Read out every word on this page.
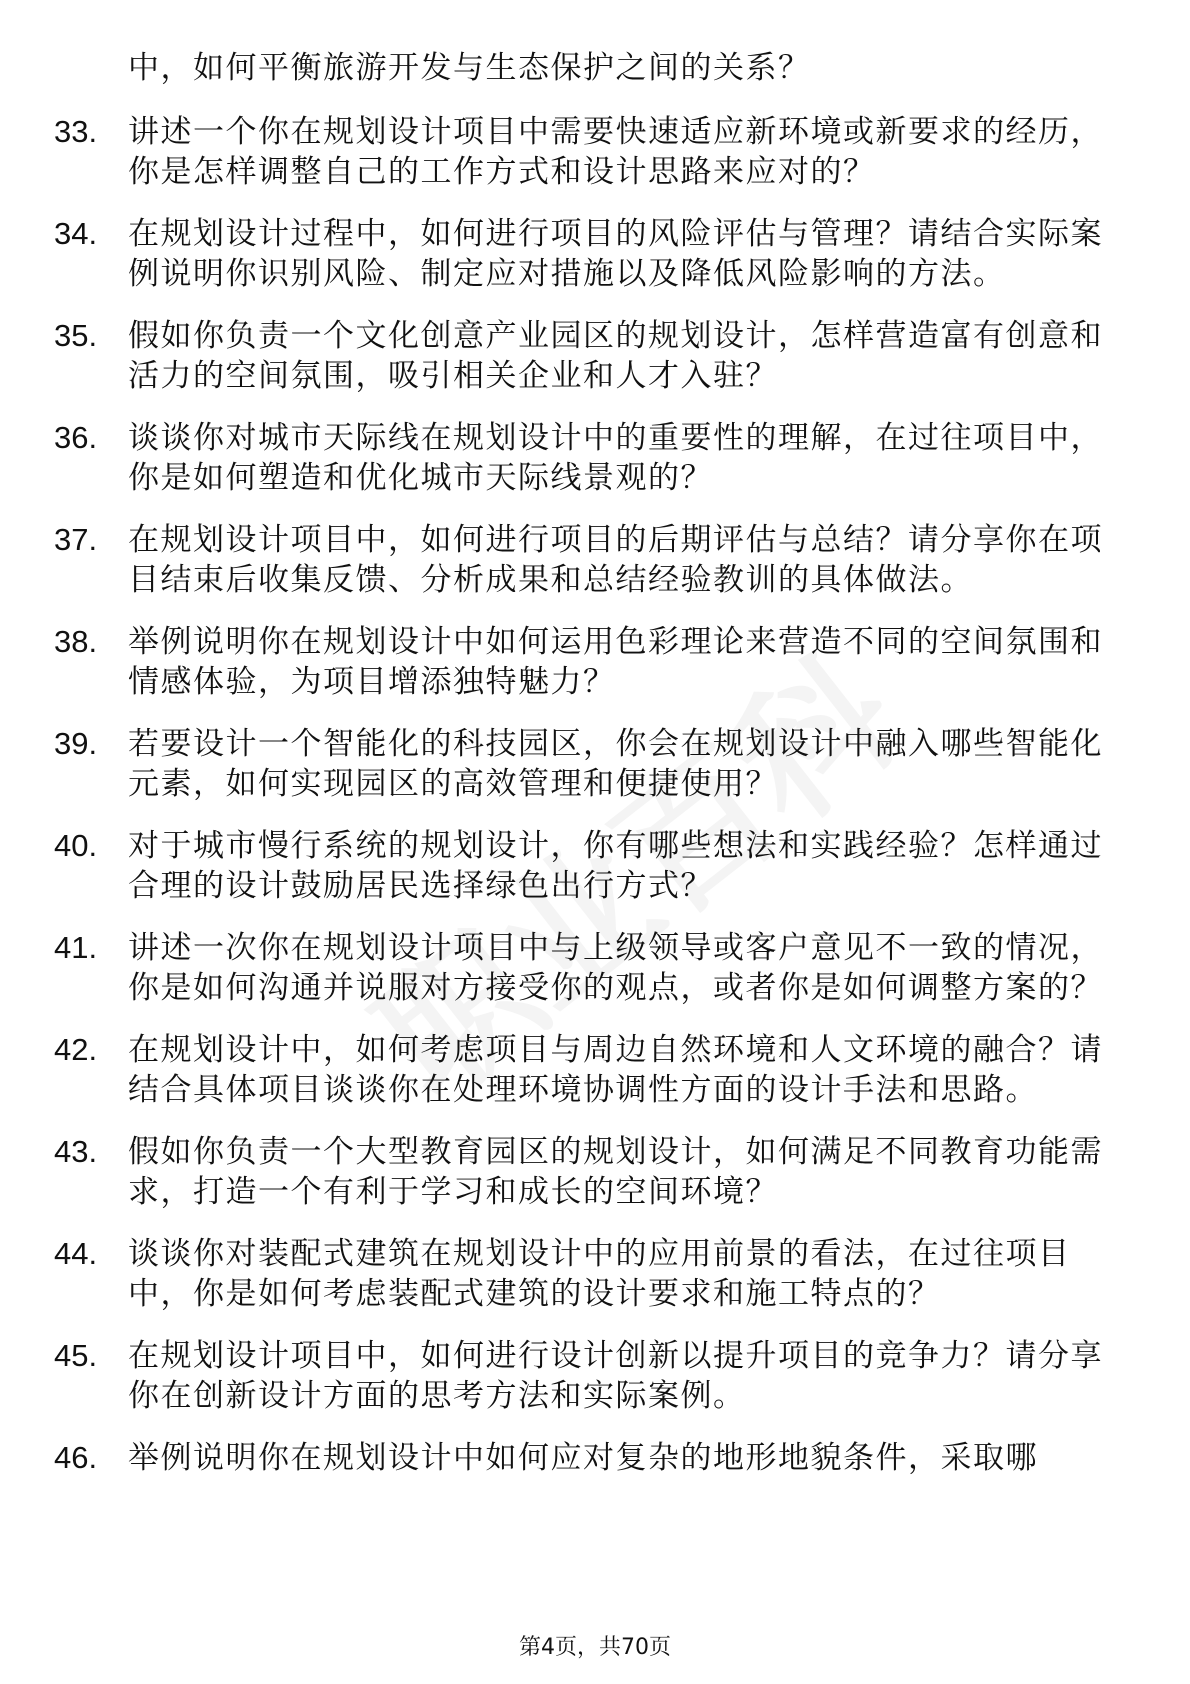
中，如何平衡旅游开发与生态保护之间的关系？
33. 讲述一个你在规划设计项目中需要快速适应新环境或新要求的经历，你是怎样调整自己的工作方式和设计思路来应对的？
34. 在规划设计过程中，如何进行项目的风险评估与管理？请结合实际案例说明你识别风险、制定应对措施以及降低风险影响的方法。
35. 假如你负责一个文化创意产业园区的规划设计，怎样营造富有创意和活力的空间氛围，吸引相关企业和人才入驻？
36. 谈谈你对城市天际线在规划设计中的重要性的理解，在过往项目中，你是如何塑造和优化城市天际线景观的？
37. 在规划设计项目中，如何进行项目的后期评估与总结？请分享你在项目结束后收集反馈、分析成果和总结经验教训的具体做法。
38. 举例说明你在规划设计中如何运用色彩理论来营造不同的空间氛围和情感体验，为项目增添独特魅力？
39. 若要设计一个智能化的科技园区，你会在规划设计中融入哪些智能化元素，如何实现园区的高效管理和便捷使用？
40. 对于城市慢行系统的规划设计，你有哪些想法和实践经验？怎样通过合理的设计鼓励居民选择绿色出行方式？
41. 讲述一次你在规划设计项目中与上级领导或客户意见不一致的情况，你是如何沟通并说服对方接受你的观点，或者你是如何调整方案的？
42. 在规划设计中，如何考虑项目与周边自然环境和人文环境的融合？请结合具体项目谈谈你在处理环境协调性方面的设计手法和思路。
43. 假如你负责一个大型教育园区的规划设计，如何满足不同教育功能需求，打造一个有利于学习和成长的空间环境？
44. 谈谈你对装配式建筑在规划设计中的应用前景的看法，在过往项目中，你是如何考虑装配式建筑的设计要求和施工特点的？
45. 在规划设计项目中，如何进行设计创新以提升项目的竞争力？请分享你在创新设计方面的思考方法和实际案例。
46. 举例说明你在规划设计中如何应对复杂的地形地貌条件，采取哪
第4页，共70页
